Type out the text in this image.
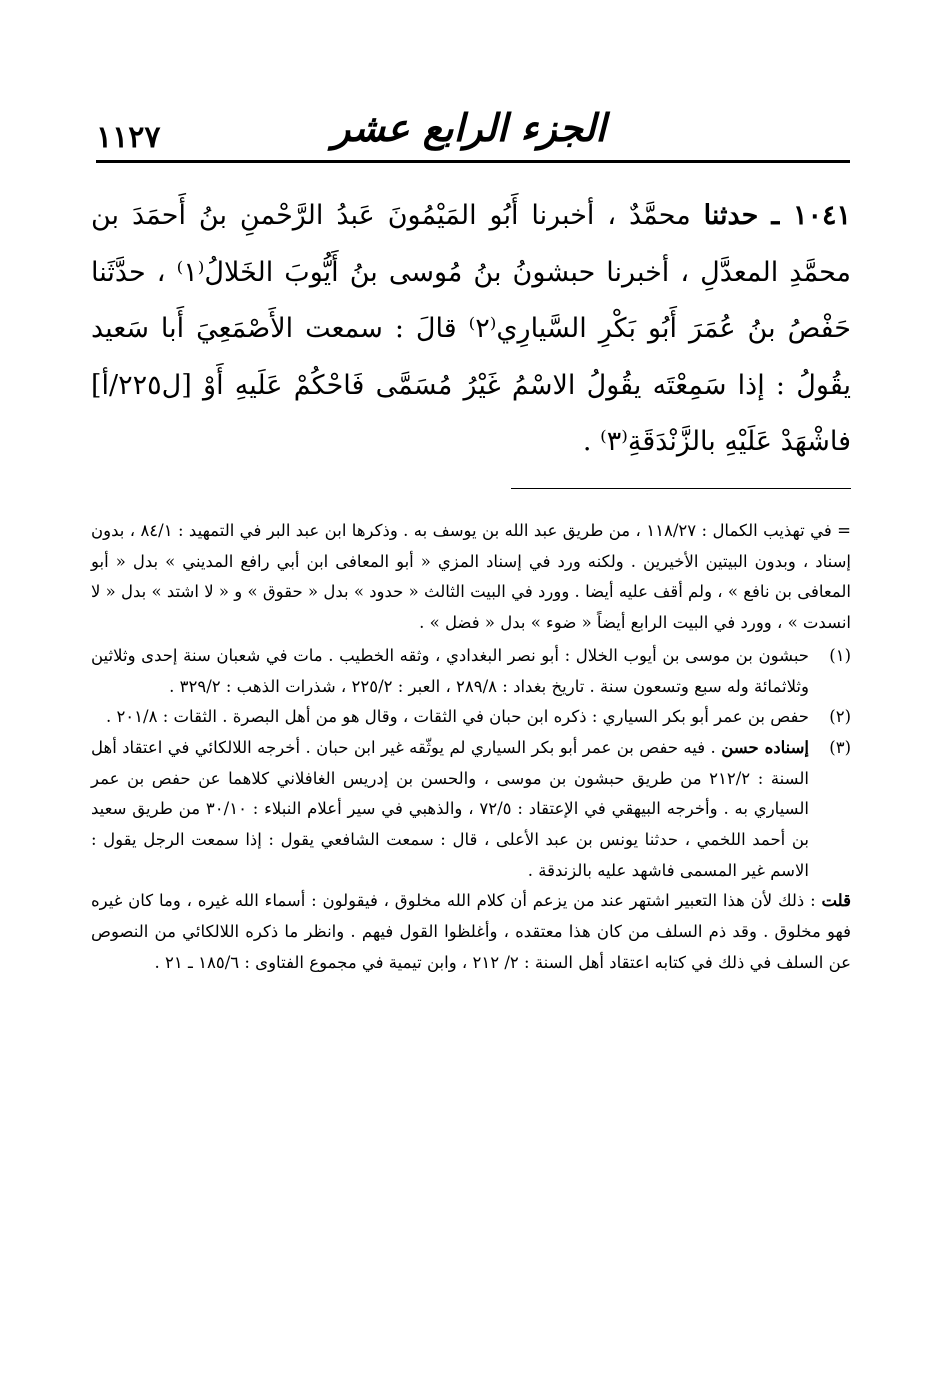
الجزء الرابع عشر
١١٢٧
١٠٤١ ـ حدثنا محمَّدٌ ، أخبرنا أَبُو المَيْمُونَ عَبدُ الرَّحْمنِ بنُ أَحمَدَ بن محمَّدِ المعدَّلِ ، أخبرنا حبشونُ بنُ مُوسى بنُ أَيُّوبَ الخَلالُ⁽١⁾ ، حدَّثَنا حَفْصُ بنُ عُمَرَ أَبُو بَكْرِ السَّيارِي⁽٢⁾ قالَ : سمعت الأَصْمَعِيَ أَبا سَعيد يقُولُ : إذا سَمِعْتَه يقُولُ الاسْمُ غَيْرُ مُسَمَّى فَاحْكُمْ عَلَيهِ أَوْ [ل٢٢٥/أ] فاشْهَدْ عَلَيْهِ بالزَّنْدَقَةِ⁽٣⁾ .
= في تهذيب الكمال : ١١٨/٢٧ ، من طريق عبد الله بن يوسف به . وذكرها ابن عبد البر في التمهيد : ٨٤/١ ، بدون إسناد ، وبدون البيتين الأخيرين . ولكنه ورد في إسناد المزي « أبو المعافى ابن أبي رافع المديني » بدل « أبو المعافى بن نافع » ، ولم أقف عليه أيضا . وورد في البيت الثالث « حدود » بدل « حقوق » و « لا اشتد » بدل « لا انسدت » ، وورد في البيت الرابع أيضاً « ضوء » بدل « فضل » .
(١)
حبشون بن موسى بن أيوب الخلال : أبو نصر البغدادي ، وثقه الخطيب . مات في شعبان سنة إحدى وثلاثين وثلاثمائة وله سبع وتسعون سنة . تاريخ بغداد : ٢٨٩/٨ ، العبر : ٢٢٥/٢ ، شذرات الذهب : ٣٢٩/٢ .
(٢)
حفص بن عمر أبو بكر السياري : ذكره ابن حبان في الثقات ، وقال هو من أهل البصرة . الثقات : ٢٠١/٨ .
(٣)
إسناده حسن . فيه حفص بن عمر أبو بكر السياري لم يوثّقه غير ابن حبان . أخرجه اللالكائي في اعتقاد أهل السنة : ٢١٢/٢ من طريق حبشون بن موسى ، والحسن بن إدريس الغافلاني كلاهما عن حفص بن عمر السياري به . وأخرجه البيهقي في الإعتقاد : ٧٢/٥ ، والذهبي في سير أعلام النبلاء : ٣٠/١٠ من طريق سعيد بن أحمد اللخمي ، حدثنا يونس بن عبد الأعلى ، قال : سمعت الشافعي يقول : إذا سمعت الرجل يقول : الاسم غير المسمى فاشهد عليه بالزندقة .
قلت : ذلك لأن هذا التعبير اشتهر عند من يزعم أن كلام الله مخلوق ، فيقولون : أسماء الله غيره ، وما كان غيره فهو مخلوق . وقد ذم السلف من كان هذا معتقده ، وأغلظوا القول فيهم . وانظر ما ذكره اللالكائي من النصوص عن السلف في ذلك في كتابه اعتقاد أهل السنة : ٢/ ٢١٢ ، وابن تيمية في مجموع الفتاوى : ١٨٥/٦ ـ ٢١ .
